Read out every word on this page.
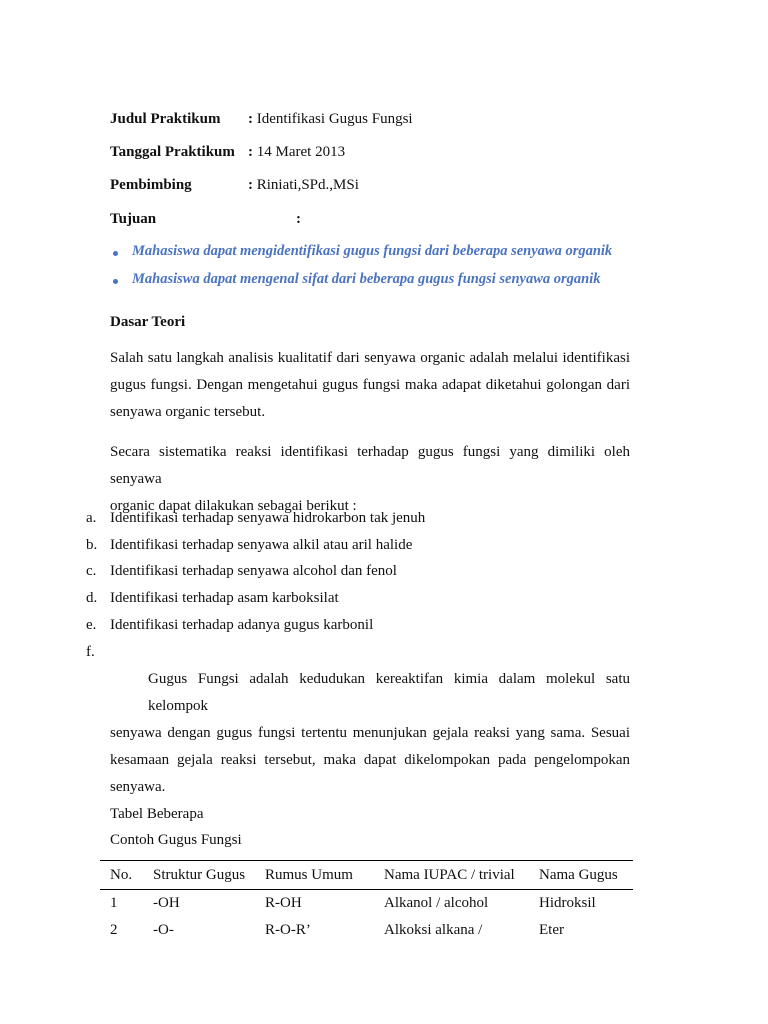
Judul Praktikum : Identifikasi Gugus Fungsi
Tanggal Praktikum : 14 Maret 2013
Pembimbing	: Riniati,SPd.,MSi
Tujuan	:
Mahasiswa dapat mengidentifikasi gugus fungsi dari beberapa senyawa organik
Mahasiswa dapat mengenal sifat dari beberapa gugus fungsi senyawa organik
Dasar Teori
Salah satu langkah analisis kualitatif dari senyawa organic adalah melalui identifikasi
gugus fungsi. Dengan mengetahui gugus fungsi maka adapat diketahui golongan dari
senyawa organic tersebut.
Secara sistematika reaksi identifikasi terhadap gugus fungsi yang dimiliki oleh senyawa
organic dapat dilakukan sebagai berikut :
a. Identifikasi terhadap senyawa hidrokarbon tak jenuh
b. Identifikasi terhadap senyawa alkil atau aril halide
c. Identifikasi terhadap senyawa alcohol dan fenol
d. Identifikasi terhadap asam karboksilat
e. Identifikasi terhadap adanya gugus karbonil
f.
Gugus Fungsi adalah kedudukan kereaktifan kimia dalam molekul satu kelompok
senyawa dengan gugus fungsi tertentu menunjukan gejala reaksi yang sama. Sesuai
kesamaan gejala reaksi tersebut, maka dapat dikelompokan pada pengelompokan
senyawa.
Tabel Beberapa
Contoh Gugus Fungsi
No.	Struktur Gugus	Rumus Umum	Nama IUPAC / trivial	Nama Gugus
1	-OH	R-OH	Alkanol / alcohol	Hidroksil
2	-O-	R-O-R’	Alkoksi alkana /	Eter
